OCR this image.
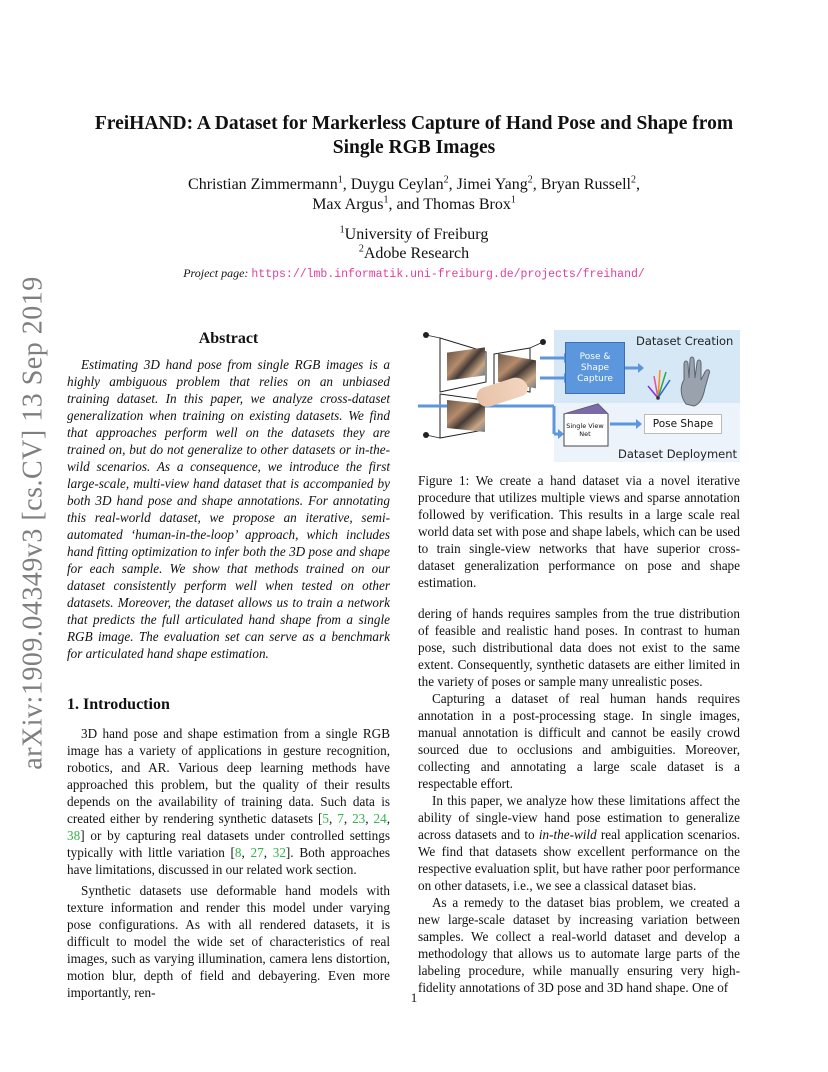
arXiv:1909.04349v3 [cs.CV] 13 Sep 2019
FreiHAND: A Dataset for Markerless Capture of Hand Pose and Shape from
Single RGB Images
Christian Zimmermann$^1$, Duygu Ceylan$^2$, Jimei Yang$^2$, Bryan Russell$^2$,
Max Argus$^1$, and Thomas Brox$^1$
$^1$University of Freiburg
$^2$Adobe Research
Project page: https://lmb.informatik.uni-freiburg.de/projects/freihand/
Abstract

Estimating 3D hand pose from single RGB images is a highly ambiguous problem that relies on an unbiased training dataset. In this paper, we analyze cross-dataset generalization when training on existing datasets. We find that approaches perform well on the datasets they are trained on, but do not generalize to other datasets or in-the-wild scenarios. As a consequence, we introduce the first large-scale, multi-view hand dataset that is accompanied by both 3D hand pose and shape annotations. For annotating this real-world dataset, we propose an iterative, semi-automated ‘human-in-the-loop’ approach, which includes hand fitting optimization to infer both the 3D pose and shape for each sample. We show that methods trained on our dataset consistently perform well when tested on other datasets. Moreover, the dataset allows us to train a network that predicts the full articulated hand shape from a single RGB image. The evaluation set can serve as a benchmark for articulated hand shape estimation.

1. Introduction

3D hand pose and shape estimation from a single RGB image has a variety of applications in gesture recognition, robotics, and AR. Various deep learning methods have approached this problem, but the quality of their results depends on the availability of training data. Such data is created either by rendering synthetic datasets [5, 7, 23, 24, 38] or by capturing real datasets under controlled settings typically with little variation [8, 27, 32]. Both approaches have limitations, discussed in our related work section.

Synthetic datasets use deformable hand models with texture information and render this model under varying pose configurations. As with all rendered datasets, it is difficult to model the wide set of characteristics of real images, such as varying illumination, camera lens distortion, motion blur, depth of field and debayering. Even more importantly, ren-

Dataset Creation
Pose & Shape Capture
Single View Net
Pose Shape
Dataset Deployment

Figure 1: We create a hand dataset via a novel iterative procedure that utilizes multiple views and sparse annotation followed by verification. This results in a large scale real world data set with pose and shape labels, which can be used to train single-view networks that have superior cross-dataset generalization performance on pose and shape estimation.

dering of hands requires samples from the true distribution of feasible and realistic hand poses. In contrast to human pose, such distributional data does not exist to the same extent. Consequently, synthetic datasets are either limited in the variety of poses or sample many unrealistic poses.

Capturing a dataset of real human hands requires annotation in a post-processing stage. In single images, manual annotation is difficult and cannot be easily crowd sourced due to occlusions and ambiguities. Moreover, collecting and annotating a large scale dataset is a respectable effort.

In this paper, we analyze how these limitations affect the ability of single-view hand pose estimation to generalize across datasets and to in-the-wild real application scenarios. We find that datasets show excellent performance on the respective evaluation split, but have rather poor performance on other datasets, i.e., we see a classical dataset bias.

As a remedy to the dataset bias problem, we created a new large-scale dataset by increasing variation between samples. We collect a real-world dataset and develop a methodology that allows us to automate large parts of the labeling procedure, while manually ensuring very high-fidelity annotations of 3D pose and 3D hand shape. One of

1
